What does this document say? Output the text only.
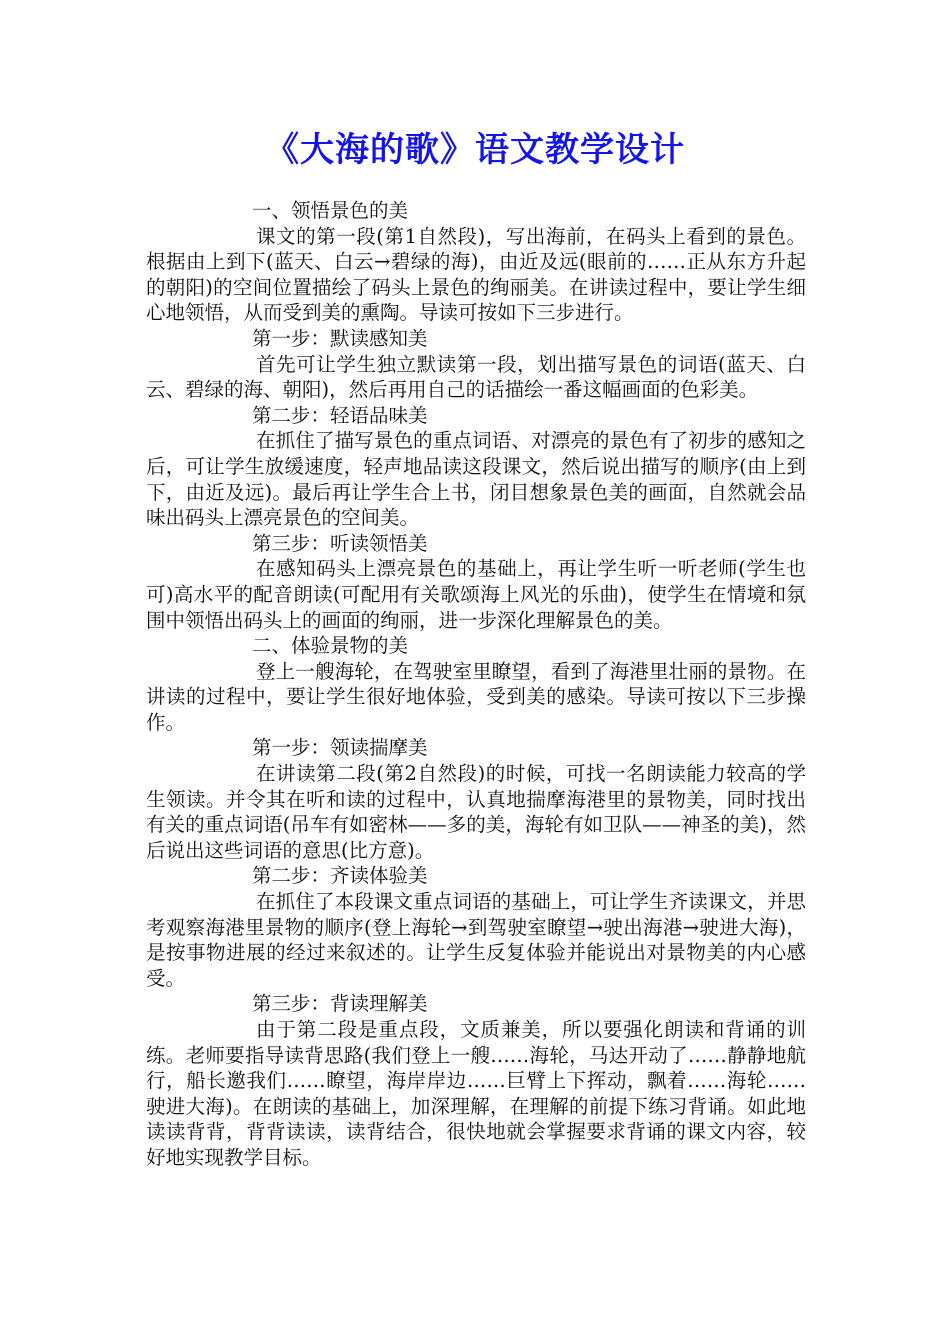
《大海的歌》语文教学设计

一、领悟景色的美

课文的第一段(第1自然段)，写出海前，在码头上看到的景色。根据由上到下(蓝天、白云→碧绿的海)，由近及远(眼前的……正从东方升起的朝阳)的空间位置描绘了码头上景色的绚丽美。在讲读过程中，要让学生细心地领悟，从而受到美的熏陶。导读可按如下三步进行。

第一步：默读感知美

首先可让学生独立默读第一段，划出描写景色的词语(蓝天、白云、碧绿的海、朝阳)，然后再用自己的话描绘一番这幅画面的色彩美。

第二步：轻语品味美

在抓住了描写景色的重点词语、对漂亮的景色有了初步的感知之后，可让学生放缓速度，轻声地品读这段课文，然后说出描写的顺序(由上到下，由近及远)。最后再让学生合上书，闭目想象景色美的画面，自然就会品味出码头上漂亮景色的空间美。

第三步：听读领悟美

在感知码头上漂亮景色的基础上，再让学生听一听老师(学生也可)高水平的配音朗读(可配用有关歌颂海上风光的乐曲)，使学生在情境和氛围中领悟出码头上的画面的绚丽，进一步深化理解景色的美。

二、体验景物的美

登上一艘海轮，在驾驶室里瞭望，看到了海港里壮丽的景物。在讲读的过程中，要让学生很好地体验，受到美的感染。导读可按以下三步操作。

第一步：领读揣摩美

在讲读第二段(第2自然段)的时候，可找一名朗读能力较高的学生领读。并令其在听和读的过程中，认真地揣摩海港里的景物美，同时找出有关的重点词语(吊车有如密林——多的美，海轮有如卫队——神圣的美)，然后说出这些词语的意思(比方意)。

第二步：齐读体验美

在抓住了本段课文重点词语的基础上，可让学生齐读课文，并思考观察海港里景物的顺序(登上海轮→到驾驶室瞭望→驶出海港→驶进大海)，是按事物进展的经过来叙述的。让学生反复体验并能说出对景物美的内心感受。

第三步：背读理解美

由于第二段是重点段，文质兼美，所以要强化朗读和背诵的训练。老师要指导读背思路(我们登上一艘……海轮，马达开动了……静静地航行，船长邀我们……瞭望，海岸岸边……巨臂上下挥动，飘着……海轮……驶进大海)。在朗读的基础上，加深理解，在理解的前提下练习背诵。如此地读读背背，背背读读，读背结合，很快地就会掌握要求背诵的课文内容，较好地实现教学目标。
